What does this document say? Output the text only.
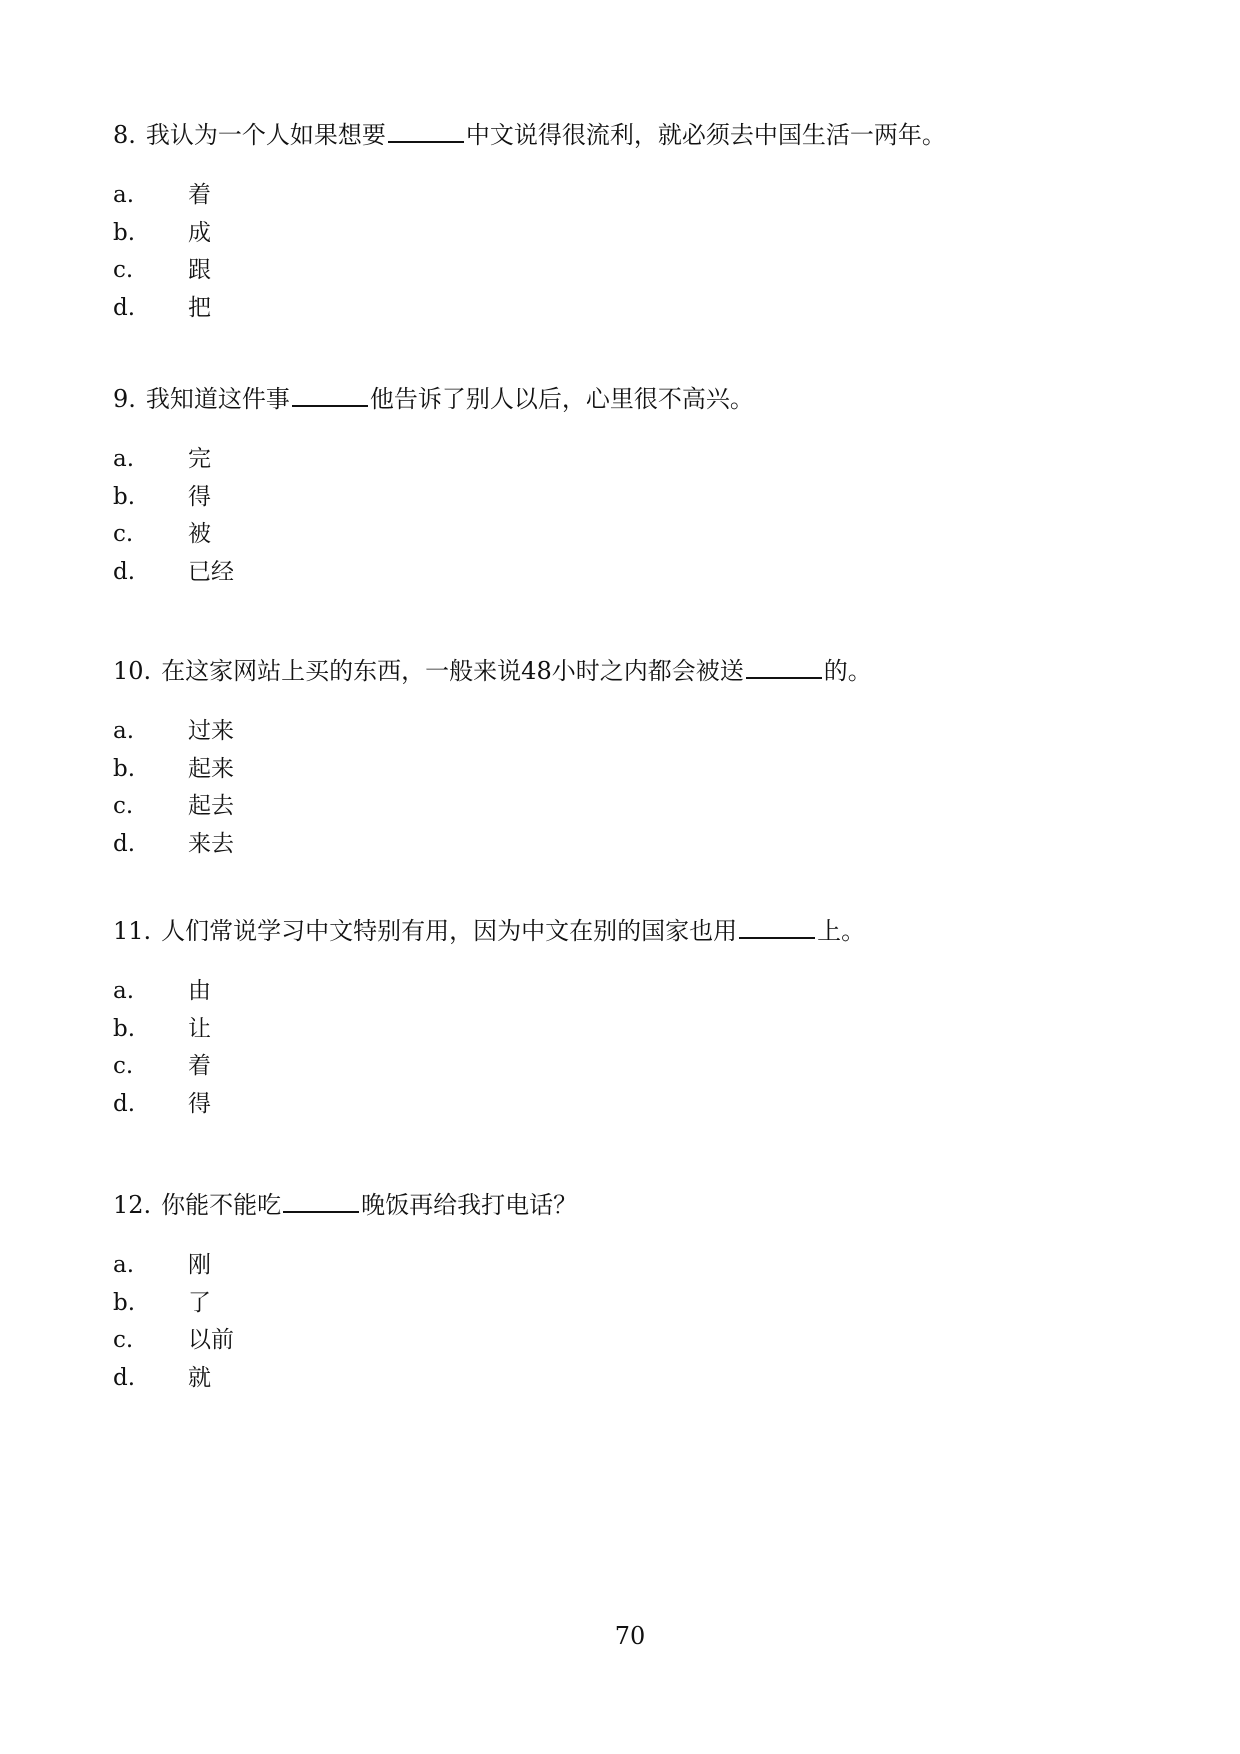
8. 我认为一个人如果想要	中文说得很流利，就必须去中国生活一两年。

a. 着
b. 成
c. 跟
d. 把

9. 我知道这件事	他告诉了别人以后，心里很不高兴。

a. 完
b. 得
c. 被
d. 已经

10. 在这家网站上买的东西，一般来说48小时之内都会被送	的。

a. 过来
b. 起来
c. 起去
d. 来去

11. 人们常说学习中文特别有用，因为中文在别的国家也用	上。

a. 由
b. 让
c. 着
d. 得

12. 你能不能吃	晚饭再给我打电话？

a. 刚
b. 了
c. 以前
d. 就
70
